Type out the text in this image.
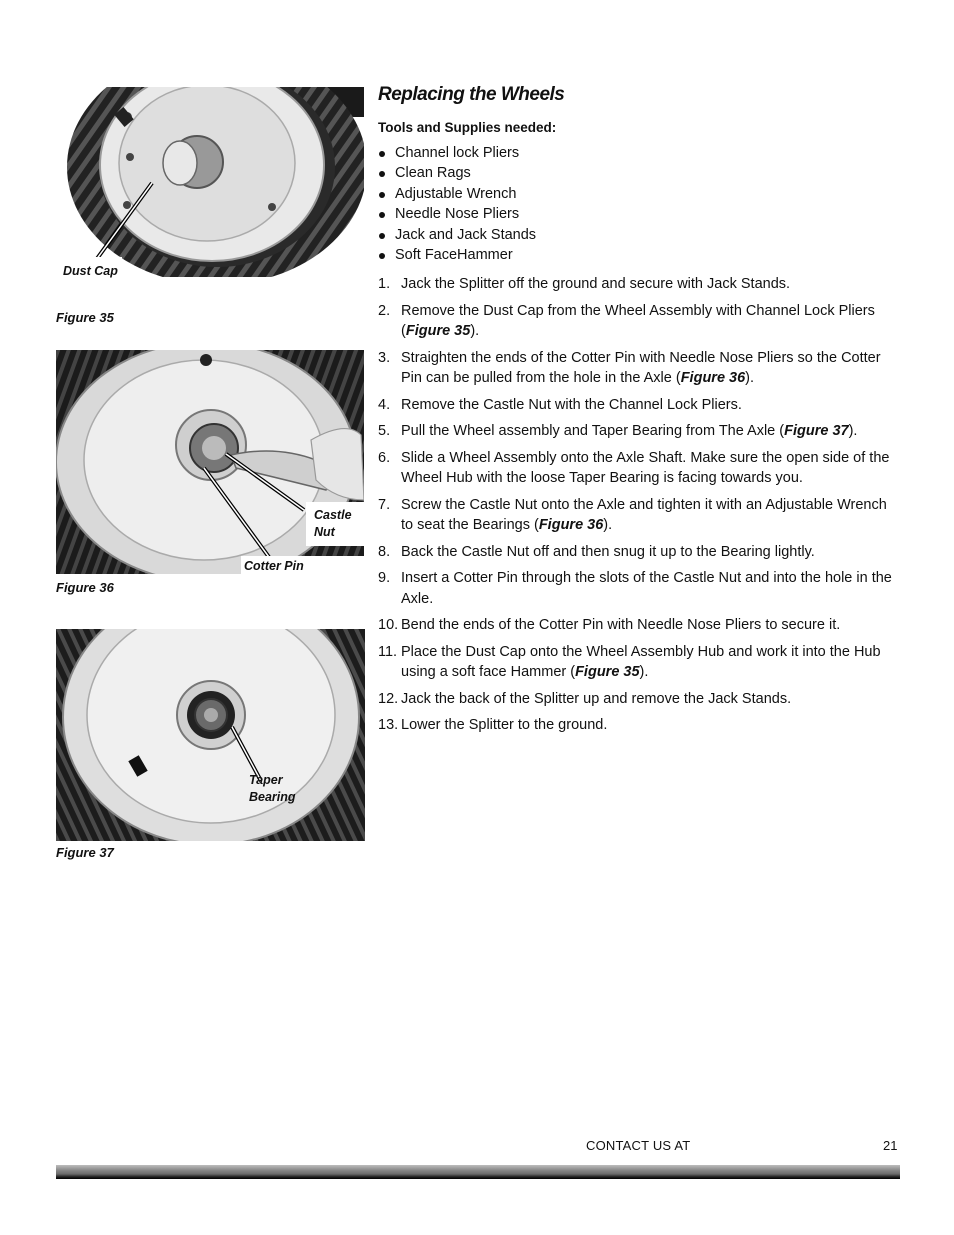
Dust Cap
Figure 35
Castle
Nut
Cotter Pin
Figure 36
Taper
Bearing
Figure 37
Replacing the Wheels
Tools and Supplies needed:
Channel lock Pliers
Clean Rags
Adjustable Wrench
Needle Nose Pliers
Jack and Jack Stands
Soft FaceHammer
1. Jack the Splitter off the ground and secure with Jack Stands.
2. Remove the Dust Cap from the Wheel Assembly with Channel Lock Pliers (Figure 35).
3. Straighten the ends of the Cotter Pin with Needle Nose Pliers so the Cotter Pin can be pulled from the hole in the Axle (Figure 36).
4. Remove the Castle Nut with the Channel Lock Pliers.
5. Pull the Wheel assembly and Taper Bearing from The Axle (Figure 37).
6. Slide a Wheel Assembly onto the Axle Shaft. Make sure the open side of the Wheel Hub with the loose Taper Bearing is facing towards you.
7. Screw the Castle Nut onto the Axle and tighten it with an Adjustable Wrench to seat the Bearings (Figure 36).
8. Back the Castle Nut off and then snug it up to the Bearing lightly.
9. Insert a Cotter Pin through the slots of the Castle Nut and into the hole in the Axle.
10. Bend the ends of the Cotter Pin with Needle Nose Pliers to secure it.
11. Place the Dust Cap onto the Wheel Assembly Hub and work it into the Hub using a soft face Hammer (Figure 35).
12. Jack the back of the Splitter up and remove the Jack Stands.
13. Lower the Splitter to the ground.
CONTACT US AT	21
